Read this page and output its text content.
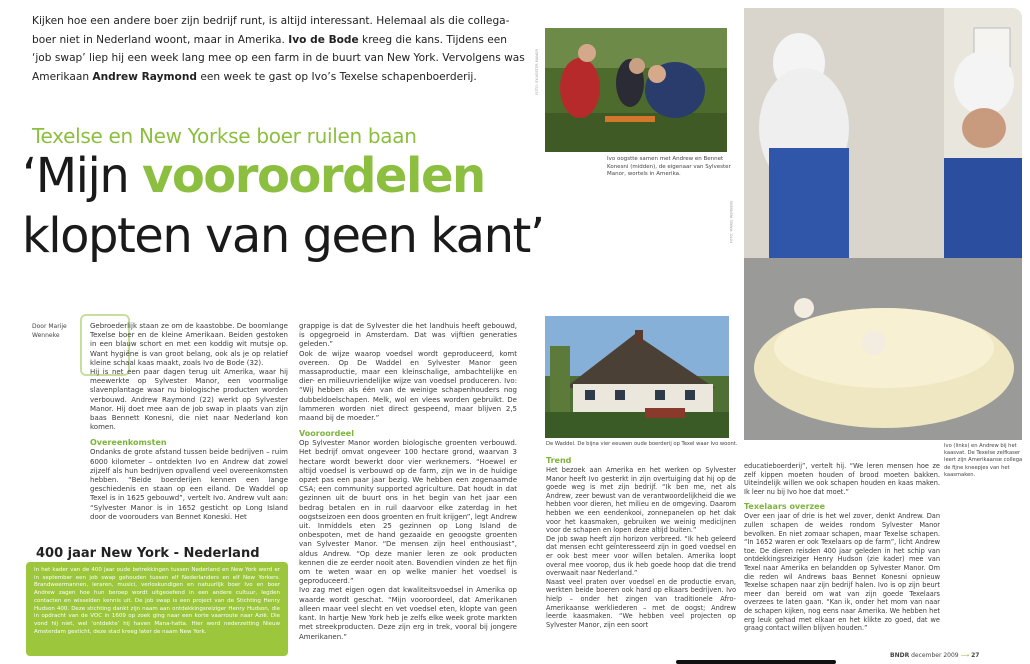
Kijken hoe een andere boer zijn bedrijf runt, is altijd interessant. Helemaal als die collega-boer niet in Nederland woont, maar in Amerika. Ivo de Bode kreeg die kans. Tijdens een ‘job swap’ liep hij een week lang mee op een farm in de buurt van New York. Vervolgens was Amerikaan Andrew Raymond een week te gast op Ivo’s Texelse schapenboerderij.
Texelse en New Yorkse boer ruilen baan
‘Mijn vooroordelen
klopten van geen kant’
Door Marije Wenneke
Gebroederlijk staan ze om de kaastobbe. De boomlange Texelse boer en de kleine Amerikaan. Beiden gestoken in een blauw schort en met een koddig wit mutsje op. Want hygiëne is van groot belang, ook als je op relatief kleine schaal kaas maakt, zoals Ivo de Bode (32).
Hij is net een paar dagen terug uit Amerika, waar hij meewerkte op Sylvester Manor, een voormalige slavenplantage waar nu biologische producten worden verbouwd. Andrew Raymond (22) werkt op Sylvester Manor. Hij doet mee aan de job swap in plaats van zijn baas Bennett Konesni, die niet naar Nederland kon komen.
Overeenkomsten
Ondanks de grote afstand tussen beide bedrijven – ruim 6000 kilometer – ontdekten Ivo en Andrew dat zowel zijzelf als hun bedrijven opvallend veel overeenkomsten hebben. “Beide boerderijen kennen een lange geschiedenis en staan op een eiland. De Waddel op Texel is in 1625 gebouwd”, vertelt Ivo. Andrew vult aan: “Sylvester Manor is in 1652 gesticht op Long Island door de voorouders van Bennet Koneski. Het
400 jaar New York - Nederland
In het kader van de 400 jaar oude betrekkingen tussen Nederland en New York werd er in september een job swap gehouden tussen elf Nederlanders en elf New Yorkers. Brandweermannen, leraren, musici, verloskundigen en natuurlijk boer Ivo en boer Andrew zagen hoe hun beroep wordt uitgeoefend in een andere cultuur, legden contacten en wisselden kennis uit. De job swap is een project van de Stichting Henry Hudson 400. Deze stichting dankt zijn naam aan ontdekkingsreiziger Henry Hudson, die in opdracht van de VOC in 1609 op zoek ging naar een korte vaarroute naar Azië. Die vond hij niet, wel ‘ontdekte’ hij haven Mana-hatta. Hier werd nederzetting Nieuw Amsterdam gesticht, deze stad kreeg later de naam New York.
grappige is dat de Sylvester die het landhuis heeft gebouwd, is opgegroeid in Amsterdam. Dat was vijftien generaties geleden.”
Ook de wijze waarop voedsel wordt geproduceerd, komt overeen. Op De Waddel en Sylvester Manor geen massaproductie, maar een kleinschalige, ambachtelijke en dier- en milieuvriendelijke wijze van voedsel produceren. Ivo: “Wij hebben als één van de weinige schapenhouders nog dubbeldoelschapen. Melk, wol en vlees worden gebruikt. De lammeren worden niet direct gespeend, maar blijven 2,5 maand bij de moeder.”
Vooroordeel
Op Sylvester Manor worden biologische groenten verbouwd. Het bedrijf omvat ongeveer 100 hectare grond, waarvan 3 hectare wordt bewerkt door vier werknemers. “Hoewel er altijd voedsel is verbouwd op de farm, zijn we in de huidige opzet pas een paar jaar bezig. We hebben een zogenaamde CSA; een community supported agriculture. Dat houdt in dat gezinnen uit de buurt ons in het begin van het jaar een bedrag betalen en in ruil daarvoor elke zaterdag in het oogstseizoen een doos groenten en fruit krijgen”, legt Andrew uit. Inmiddels eten 25 gezinnen op Long Island de onbespoten, met de hand gezaaide en geoogste groenten van Sylvester Manor. “De mensen zijn heel enthousiast”, aldus Andrew. “Op deze manier leren ze ook producten kennen die ze eerder nooit aten. Bovendien vinden ze het fijn om te weten waar en op welke manier het voedsel is geproduceerd.”
Ivo zag met eigen ogen dat kwaliteitsvoedsel in Amerika op waarde wordt geschat. “Mijn vooroordeel, dat Amerikanen alleen maar veel slecht en vet voedsel eten, klopte van geen kant. In hartje New York heb je zelfs elke week grote markten met streekproducten. Deze zijn erg in trek, vooral bij jongere Amerikanen.”
Ivo oogstte samen met Andrew en Bennet Konesni (midden), de eigenaar van Sylvester Manor, wortels in Amerika.
De Waddel. De bijna vier eeuwen oude boerderij op Texel waar Ivo woont.
Trend
Het bezoek aan Amerika en het werken op Sylvester Manor heeft Ivo gesterkt in zijn overtuiging dat hij op de goede weg is met zijn bedrijf. “Ik ben me, net als Andrew, zeer bewust van de verantwoordelijkheid die we hebben voor dieren, het milieu en de omgeving. Daarom hebben we een eendenkooi, zonnepanelen op het dak voor het kaasmaken, gebruiken we weinig medicijnen voor de schapen en lopen deze altijd buiten.”
De job swap heeft zijn horizon verbreed. “Ik heb geleerd dat mensen echt geïnteresseerd zijn in goed voedsel en er ook best meer voor willen betalen. Amerika loopt overal mee voorop, dus ik heb goede hoop dat die trend overwaait naar Nederland.”
Naast veel praten over voedsel en de productie ervan, werkten beide boeren ook hard op elkaars bedrijven. Ivo hielp – onder het zingen van traditionele Afro-Amerikaanse werkliederen – met de oogst; Andrew leerde kaasmaken. “We hebben veel projecten op Sylvester Manor, zijn een soort
Ivo (links) en Andrew bij het kaasvat. De Texelse zelfkaser leert zijn Amerikaanse collega de fijne kneepjes van het kaasmaken.
educatieboerderij”, vertelt hij. “We leren mensen hoe ze zelf kippen moeten houden of brood moeten bakken. Uiteindelijk willen we ook schapen houden en kaas maken. Ik leer nu bij Ivo hoe dat moet.”
Texelaars overzee
Over een jaar of drie is het wel zover, denkt Andrew. Dan zullen schapen de weides rondom Sylvester Manor bevolken. En niet zomaar schapen, maar Texelse schapen. “In 1652 waren er ook Texelaars op de farm”, licht Andrew toe. De dieren reisden 400 jaar geleden in het schip van ontdekkingsreiziger Henry Hudson (zie kader) mee van Texel naar Amerika en belandden op Sylvester Manor. Om die reden wil Andrews baas Bennet Konesni opnieuw Texelse schapen naar zijn bedrijf halen. Ivo is op zijn beurt meer dan bereid om wat van zijn goede Texelaars overzees te laten gaan. “Kan ik, onder het mom van naar de schapen kijken, nog eens naar Amerika. We hebben het erg leuk gehad met elkaar en het klikte zo goed, dat we graag contact willen blijven houden.”
FOTO: SYLVESTER MANOR
FOTO: MARIJE WENNEKE
BNDR december 2009 ⟶ 27
